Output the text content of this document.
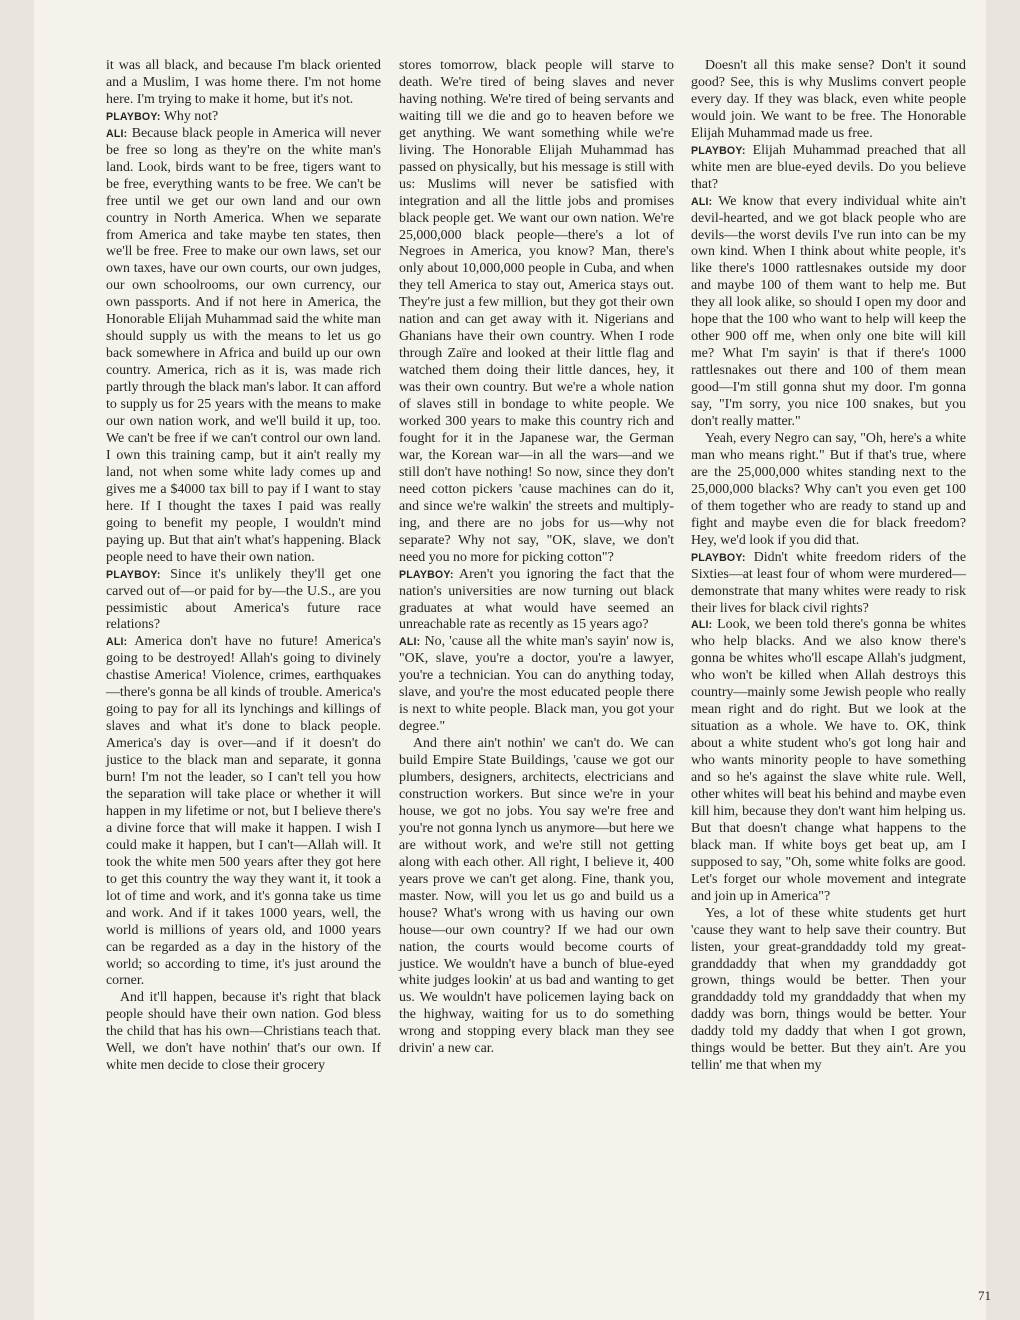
it was all black, and because I'm black oriented and a Muslim, I was home there. I'm not home here. I'm trying to make it home, but it's not.

PLAYBOY: Why not?

ALI: Because black people in America will never be free so long as they're on the white man's land. Look, birds want to be free, tigers want to be free, everything wants to be free. We can't be free until we get our own land and our own country in North America. When we separate from America and take maybe ten states, then we'll be free. Free to make our own laws, set our own taxes, have our own courts, our own judges, our own schoolrooms, our own currency, our own passports. And if not here in America, the Honorable Elijah Muhammad said the white man should supply us with the means to let us go back somewhere in Africa and build up our own country. America, rich as it is, was made rich partly through the black man's labor. It can afford to supply us for 25 years with the means to make our own nation work, and we'll build it up, too. We can't be free if we can't control our own land. I own this training camp, but it ain't really my land, not when some white lady comes up and gives me a $4000 tax bill to pay if I want to stay here. If I thought the taxes I paid was really going to benefit my people, I wouldn't mind paying up. But that ain't what's happening. Black people need to have their own nation.

PLAYBOY: Since it's unlikely they'll get one carved out of—or paid for by—the U.S., are you pessimistic about America's future race relations?

ALI: America don't have no future! America's going to be destroyed! Allah's going to divinely chastise America! Violence, crimes, earthquakes—there's gonna be all kinds of trouble. America's going to pay for all its lynchings and killings of slaves and what it's done to black people. America's day is over—and if it doesn't do justice to the black man and separate, it gonna burn! I'm not the leader, so I can't tell you how the separation will take place or whether it will happen in my lifetime or not, but I believe there's a divine force that will make it happen. I wish I could make it happen, but I can't—Allah will. It took the white men 500 years after they got here to get this country the way they want it, it took a lot of time and work, and it's gonna take us time and work. And if it takes 1000 years, well, the world is millions of years old, and 1000 years can be regarded as a day in the history of the world; so according to time, it's just around the corner.

And it'll happen, because it's right that black people should have their own nation. God bless the child that has his own—Christians teach that. Well, we don't have nothin' that's our own. If white men decide to close their grocery

stores tomorrow, black people will starve to death. We're tired of being slaves and never having nothing. We're tired of being servants and waiting till we die and go to heaven before we get anything. We want something while we're living. The Honorable Elijah Muhammad has passed on physically, but his message is still with us: Muslims will never be satisfied with integration and all the little jobs and promises black people get. We want our own nation. We're 25,000,000 black people—there's a lot of Negroes in America, you know? Man, there's only about 10,000,000 people in Cuba, and when they tell America to stay out, America stays out. They're just a few million, but they got their own nation and can get away with it. Nigerians and Ghanians have their own country. When I rode through Zaïre and looked at their little flag and watched them doing their little dances, hey, it was their own country. But we're a whole nation of slaves still in bondage to white people. We worked 300 years to make this country rich and fought for it in the Japanese war, the German war, the Korean war—in all the wars—and we still don't have nothing! So now, since they don't need cotton pickers 'cause machines can do it, and since we're walkin' the streets and multiplying, and there are no jobs for us—why not separate? Why not say, "OK, slave, we don't need you no more for picking cotton"?

PLAYBOY: Aren't you ignoring the fact that the nation's universities are now turning out black graduates at what would have seemed an unreachable rate as recently as 15 years ago?

ALI: No, 'cause all the white man's sayin' now is, "OK, slave, you're a doctor, you're a lawyer, you're a technician. You can do anything today, slave, and you're the most educated people there is next to white people. Black man, you got your degree."

And there ain't nothin' we can't do. We can build Empire State Buildings, 'cause we got our plumbers, designers, architects, electricians and construction workers. But since we're in your house, we got no jobs. You say we're free and you're not gonna lynch us anymore—but here we are without work, and we're still not getting along with each other. All right, I believe it, 400 years prove we can't get along. Fine, thank you, master. Now, will you let us go and build us a house? What's wrong with us having our own house—our own country? If we had our own nation, the courts would become courts of justice. We wouldn't have a bunch of blue-eyed white judges lookin' at us bad and wanting to get us. We wouldn't have policemen laying back on the highway, waiting for us to do something wrong and stopping every black man they see drivin' a new car.

Doesn't all this make sense? Don't it sound good? See, this is why Muslims convert people every day. If they was black, even white people would join. We want to be free. The Honorable Elijah Muhammad made us free.

PLAYBOY: Elijah Muhammad preached that all white men are blue-eyed devils. Do you believe that?

ALI: We know that every individual white ain't devil-hearted, and we got black people who are devils—the worst devils I've run into can be my own kind. When I think about white people, it's like there's 1000 rattlesnakes outside my door and maybe 100 of them want to help me. But they all look alike, so should I open my door and hope that the 100 who want to help will keep the other 900 off me, when only one bite will kill me? What I'm sayin' is that if there's 1000 rattlesnakes out there and 100 of them mean good—I'm still gonna shut my door. I'm gonna say, "I'm sorry, you nice 100 snakes, but you don't really matter."

Yeah, every Negro can say, "Oh, here's a white man who means right." But if that's true, where are the 25,000,000 whites standing next to the 25,000,000 blacks? Why can't you even get 100 of them together who are ready to stand up and fight and maybe even die for black freedom? Hey, we'd look if you did that.

PLAYBOY: Didn't white freedom riders of the Sixties—at least four of whom were murdered—demonstrate that many whites were ready to risk their lives for black civil rights?

ALI: Look, we been told there's gonna be whites who help blacks. And we also know there's gonna be whites who'll escape Allah's judgment, who won't be killed when Allah destroys this country—mainly some Jewish people who really mean right and do right. But we look at the situation as a whole. We have to. OK, think about a white student who's got long hair and who wants minority people to have something and so he's against the slave white rule. Well, other whites will beat his behind and maybe even kill him, because they don't want him helping us. But that doesn't change what happens to the black man. If white boys get beat up, am I supposed to say, "Oh, some white folks are good. Let's forget our whole movement and integrate and join up in America"?

Yes, a lot of these white students get hurt 'cause they want to help save their country. But listen, your great-granddaddy told my great-granddaddy that when my granddaddy got grown, things would be better. Then your granddaddy told my granddaddy that when my daddy was born, things would be better. Your daddy told my daddy that when I got grown, things would be better. But they ain't. Are you tellin' me that when my

71
